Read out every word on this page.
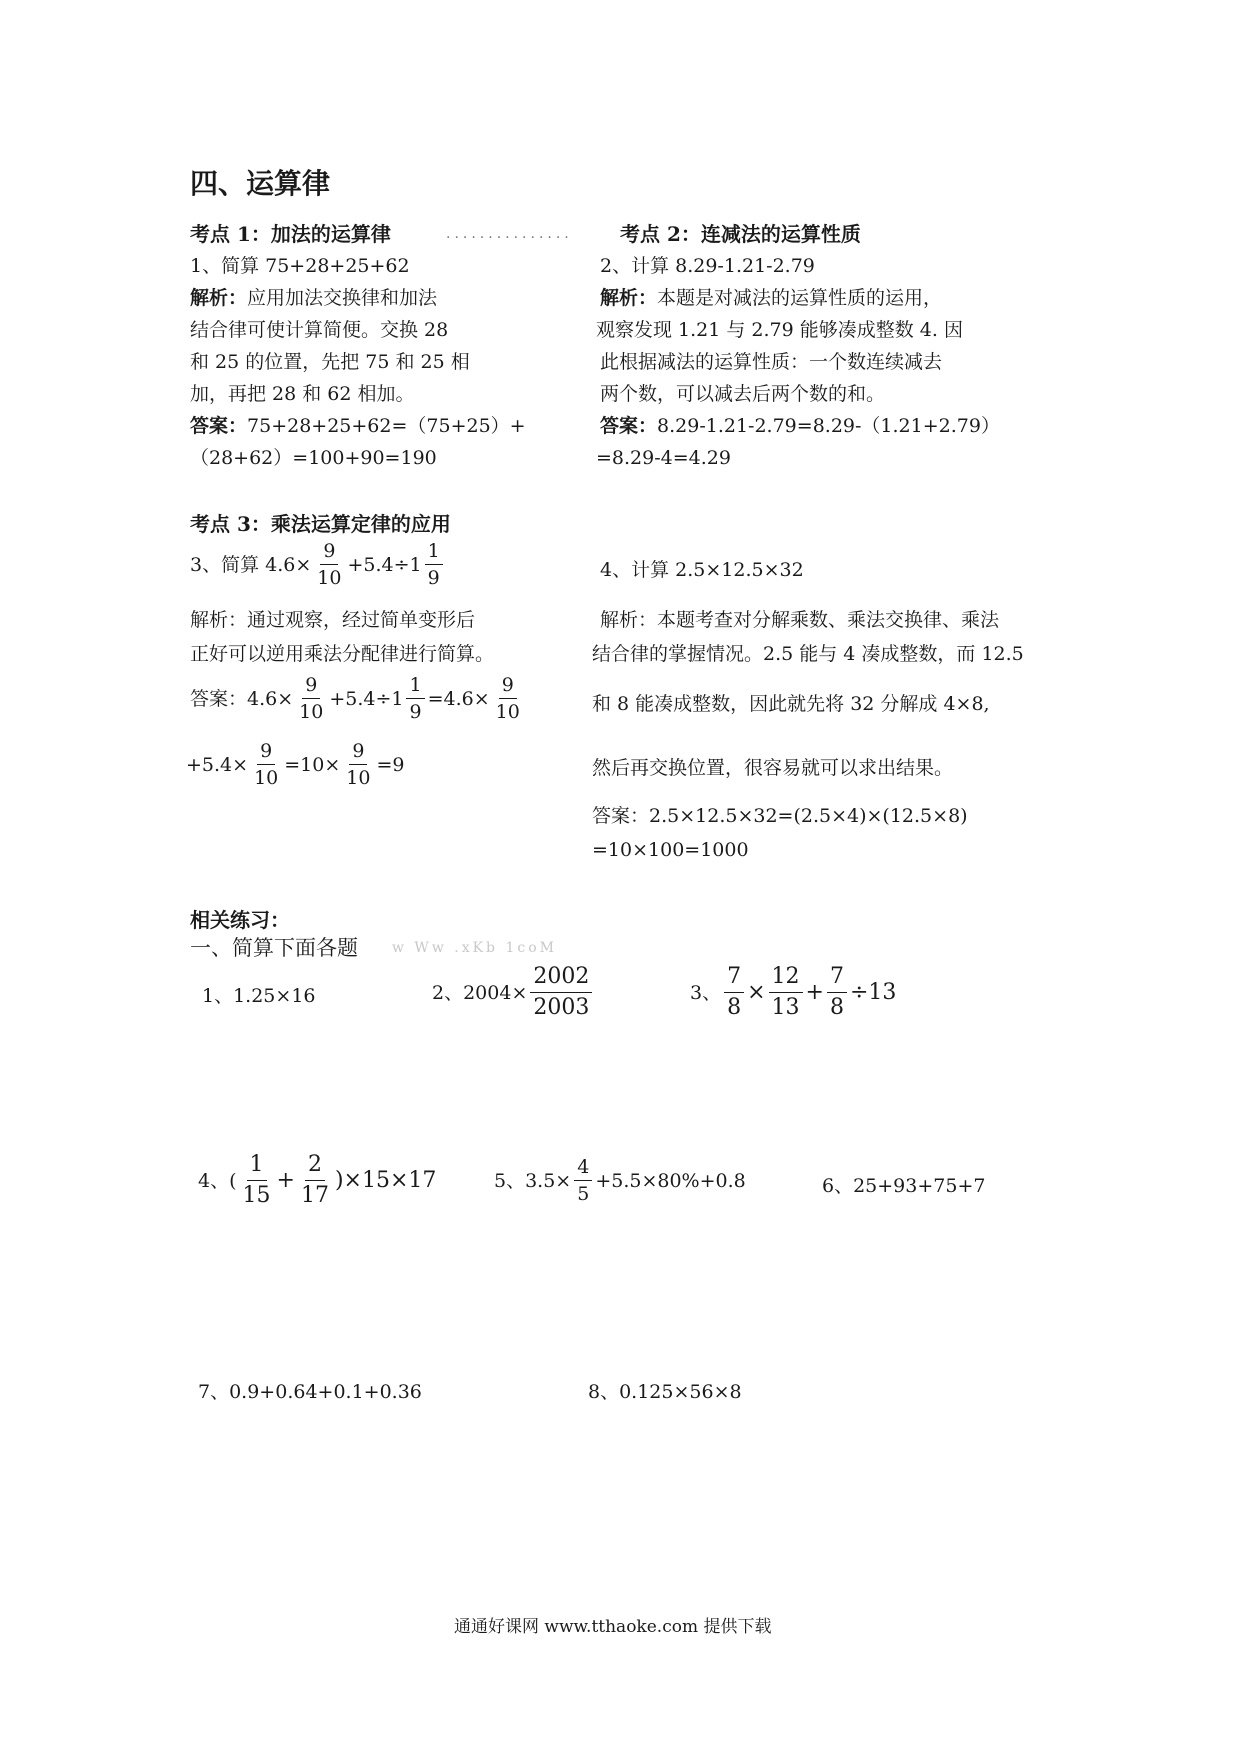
四、运算律
考点 1：加法的运算律	...............
1、简算 75+28+25+62
解析：应用加法交换律和加法
结合律可使计算简便。交换 28
和 25 的位置，先把 75 和 25 相
加，再把 28 和 62 相加。
答案：75+28+25+62=（75+25）+
（28+62）=100+90=190
考点 2：连减法的运算性质
2、计算 8.29-1.21-2.79
解析：本题是对减法的运算性质的运用，
观察发现 1.21 与 2.79 能够凑成整数 4. 因
此根据减法的运算性质：一个数连续减去
两个数，可以减去后两个数的和。
答案：8.29-1.21-2.79=8.29-（1.21+2.79）
=8.29-4=4.29
考点 3：乘法运算定律的应用
3、简算 $4.6\times \frac{9}{10} +5.4\div 1 \frac{1}{9}$
解析：通过观察，经过简单变形后
正好可以逆用乘法分配律进行简算。
答案：$4.6\times \frac{9}{10} +5.4\div 1 \frac{1}{9} =4.6\times \frac{9}{10}$
$+5.4\times \frac{9}{10} =10\times \frac{9}{10} =9$
4、计算 2.5×12.5×32
解析：本题考查对分解乘数、乘法交换律、乘法
结合律的掌握情况。2.5 能与 4 凑成整数，而 12.5
和 8 能凑成整数，因此就先将 32 分解成 4×8,
然后再交换位置，很容易就可以求出结果。
答案：2.5×12.5×32=(2.5×4)×(12.5×8)
=10×100=1000
相关练习：
一、简算下面各题 w Ww .xKb 1coM
1、1.25×16	2、$2004\times \frac{2002}{2003}$	3、 $\frac{7}{8} \times \frac{12}{13} + \frac{7}{8} \div 13$
4、( $\frac{1}{15} + \frac{2}{17} )\times 15\times 17$	5、$3.5\times \frac{4}{5} +5.5\times 80\%+0.8$	6、25+93+75+7
7、0.9+0.64+0.1+0.36	8、0.125×56×8
通通好课网 www.tthaoke.com 提供下载
